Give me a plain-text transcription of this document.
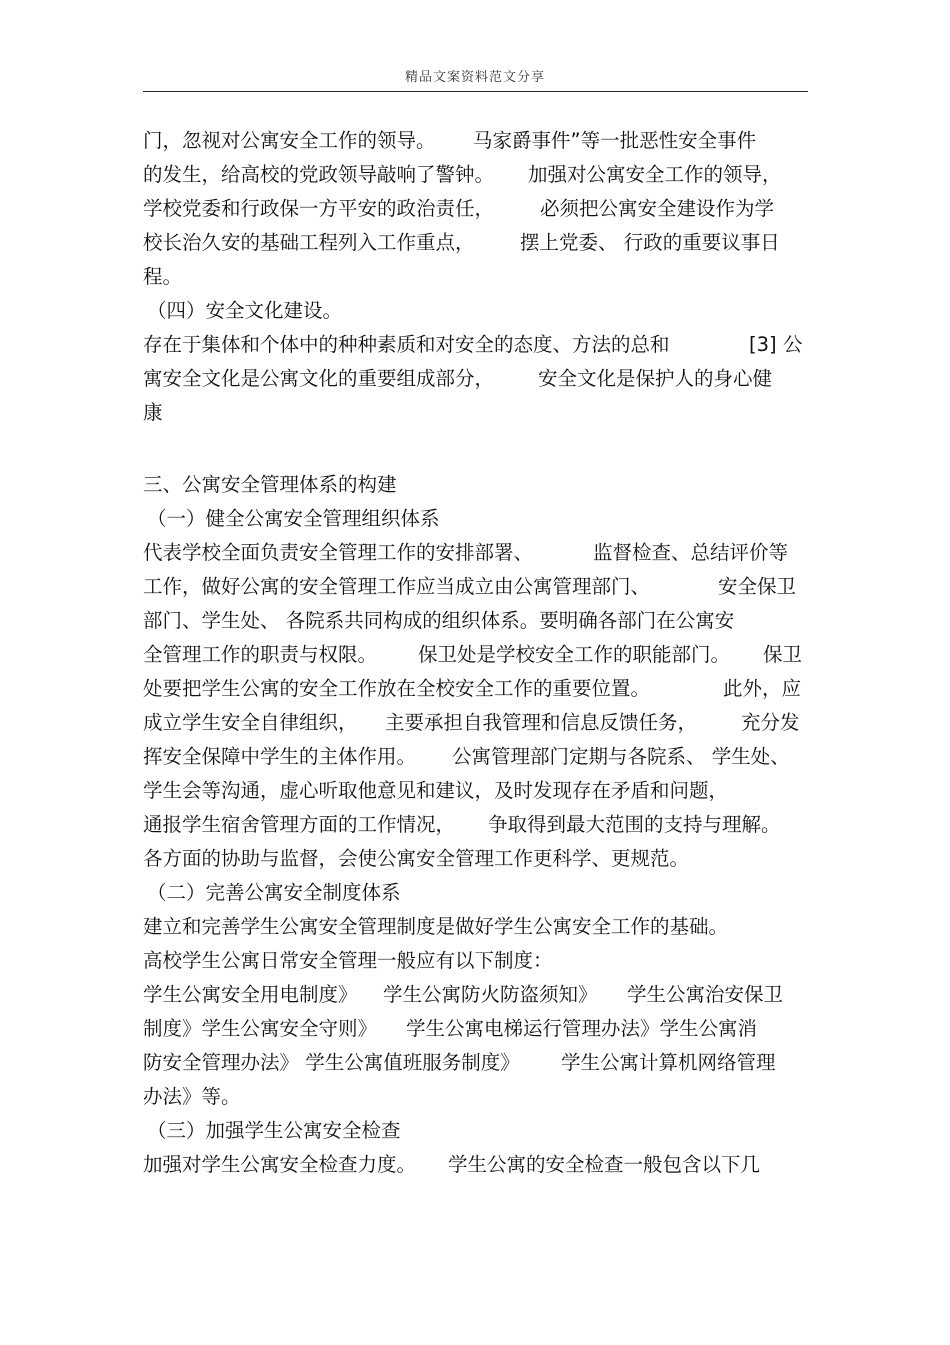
精品文案资料范文分享
门，忽视对公寓安全工作的领导。 马家爵事件”等一批恶性安全事件
的发生，给高校的党政领导敲响了警钟。 加强对公寓安全工作的领导，
学校党委和行政保一方平安的政治责任， 必须把公寓安全建设作为学
校长治久安的基础工程列入工作重点， 摆上党委、 行政的重要议事日
程。
（四）安全文化建设。
存在于集体和个体中的种种素质和对安全的态度、方法的总和	[3] 公
寓安全文化是公寓文化的重要组成部分， 安全文化是保护人的身心健
康
三、公寓安全管理体系的构建
（一）健全公寓安全管理组织体系
代表学校全面负责安全管理工作的安排部署、	监督检查、总结评价等
工作，做好公寓的安全管理工作应当成立由公寓管理部门、	安全保卫
部门、学生处、 各院系共同构成的组织体系。要明确各部门在公寓安
全管理工作的职责与权限。 保卫处是学校安全工作的职能部门。 保卫
处要把学生公寓的安全工作放在全校安全工作的重要位置。	此外，应
成立学生安全自律组织， 主要承担自我管理和信息反馈任务， 充分发
挥安全保障中学生的主体作用。 公寓管理部门定期与各院系、 学生处、
学生会等沟通，虚心听取他意见和建议，及时发现存在矛盾和问题，
通报学生宿舍管理方面的工作情况， 争取得到最大范围的支持与理解。
各方面的协助与监督，会使公寓安全管理工作更科学、更规范。
（二）完善公寓安全制度体系
建立和完善学生公寓安全管理制度是做好学生公寓安全工作的基础。
高校学生公寓日常安全管理一般应有以下制度：
学生公寓安全用电制度》 学生公寓防火防盗须知》 学生公寓治安保卫
制度》学生公寓安全守则》 学生公寓电梯运行管理办法》学生公寓消
防安全管理办法》 学生公寓值班服务制度》 学生公寓计算机网络管理
办法》等。
（三）加强学生公寓安全检查
加强对学生公寓安全检查力度。 学生公寓的安全检查一般包含以下几
